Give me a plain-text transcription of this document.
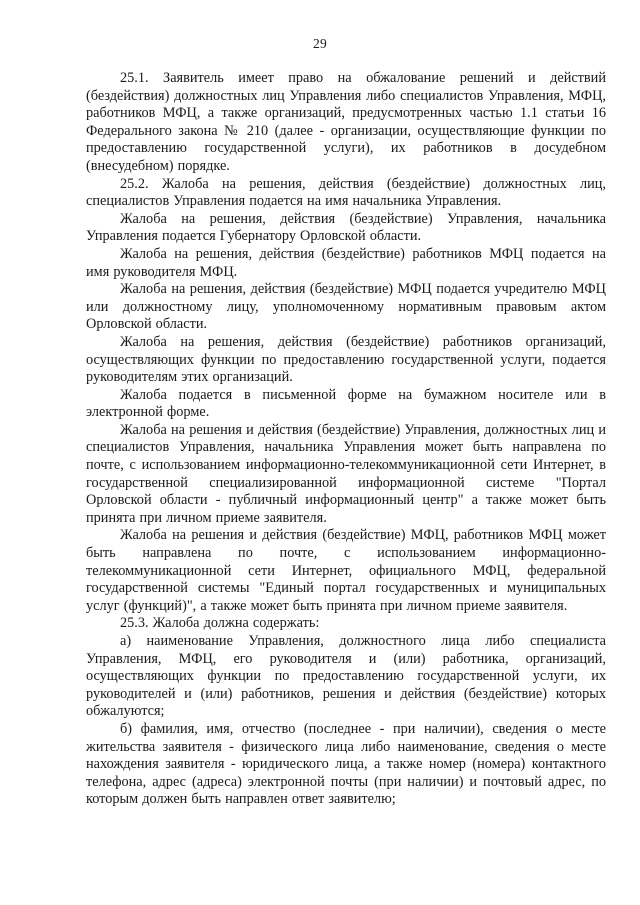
29

25.1. Заявитель имеет право на обжалование решений и действий (бездействия) должностных лиц Управления либо специалистов Управления, МФЦ, работников МФЦ, а также организаций, предусмотренных частью 1.1 статьи 16 Федерального закона № 210 (далее - организации, осуществляющие функции по предоставлению государственной услуги), их работников в досудебном (внесудебном) порядке.

25.2. Жалоба на решения, действия (бездействие) должностных лиц, специалистов Управления подается на имя начальника Управления.

Жалоба на решения, действия (бездействие) Управления, начальника Управления подается Губернатору Орловской области.

Жалоба на решения, действия (бездействие) работников МФЦ подается на имя руководителя МФЦ.

Жалоба на решения, действия (бездействие) МФЦ подается учредителю МФЦ или должностному лицу, уполномоченному нормативным правовым актом Орловской области.

Жалоба на решения, действия (бездействие) работников организаций, осуществляющих функции по предоставлению государственной услуги, подается руководителям этих организаций.

Жалоба подается в письменной форме на бумажном носителе или в электронной форме.

Жалоба на решения и действия (бездействие) Управления, должностных лиц и специалистов Управления, начальника Управления может быть направлена по почте, с использованием информационно-телекоммуникационной сети Интернет, в государственной специализированной информационной системе "Портал Орловской области - публичный информационный центр" а также может быть принята при личном приеме заявителя.

Жалоба на решения и действия (бездействие) МФЦ, работников МФЦ может быть направлена по почте, с использованием информационно-телекоммуникационной сети Интернет, официального МФЦ, федеральной государственной системы "Единый портал государственных и муниципальных услуг (функций)", а также может быть принята при личном приеме заявителя.

25.3. Жалоба должна содержать:

а) наименование Управления, должностного лица либо специалиста Управления, МФЦ, его руководителя и (или) работника, организаций, осуществляющих функции по предоставлению государственной услуги, их руководителей и (или) работников, решения и действия (бездействие) которых обжалуются;

б) фамилия, имя, отчество (последнее - при наличии), сведения о месте жительства заявителя - физического лица либо наименование, сведения о месте нахождения заявителя - юридического лица, а также номер (номера) контактного телефона, адрес (адреса) электронной почты (при наличии) и почтовый адрес, по которым должен быть направлен ответ заявителю;
